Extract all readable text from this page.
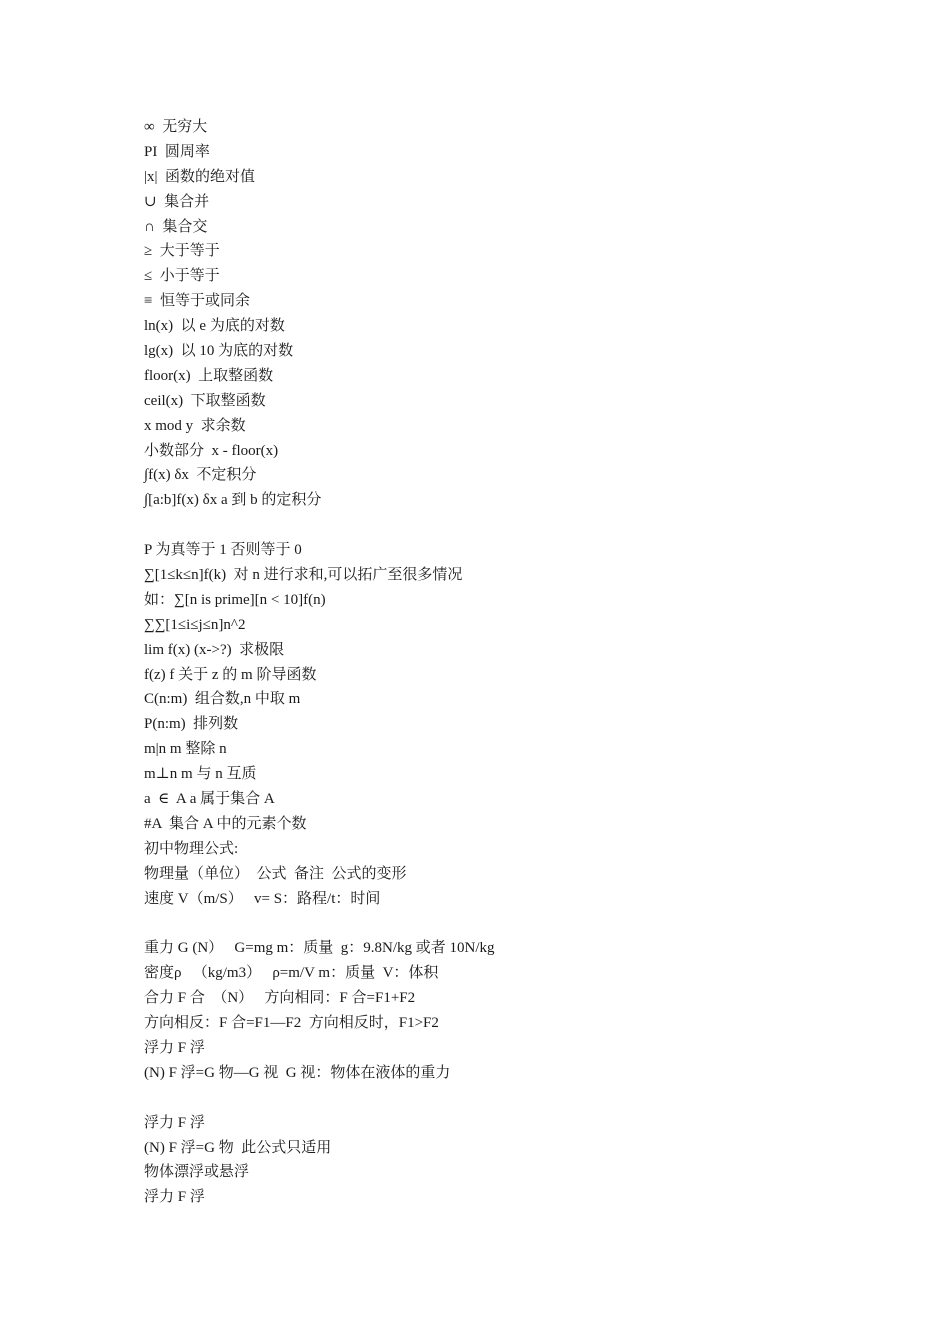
∞  无穷大
PI  圆周率
|x|  函数的绝对值
∪  集合并
∩  集合交
≥  大于等于
≤  小于等于
≡  恒等于或同余
ln(x)  以 e 为底的对数
lg(x)  以 10 为底的对数
floor(x)  上取整函数
ceil(x)  下取整函数
x mod y  求余数
小数部分  x - floor(x)
∫f(x) δx  不定积分
∫[a:b]f(x) δx a 到 b 的定积分
P 为真等于 1 否则等于 0
∑[1≤k≤n]f(k)  对 n 进行求和,可以拓广至很多情况
如：∑[n is prime][n < 10]f(n)
∑∑[1≤i≤j≤n]n^2
lim f(x) (x->?)  求极限
f(z) f 关于 z 的 m 阶导函数
C(n:m)  组合数,n 中取 m
P(n:m)  排列数
m|n m 整除 n
m⊥n m 与 n 互质
a  ∈  A a 属于集合 A
#A  集合 A 中的元素个数
初中物理公式:
物理量（单位）  公式  备注  公式的变形
速度 V（m/S）   v= S：路程/t：时间
重力 G (N）   G=mg m：质量  g：9.8N/kg 或者 10N/kg
密度ρ   （kg/m3）   ρ=m/V m：质量  V：体积
合力 F 合  （N）   方向相同：F 合=F1+F2
方向相反：F 合=F1—F2  方向相反时，F1>F2
浮力 F 浮
(N) F 浮=G 物—G 视  G 视：物体在液体的重力
浮力 F 浮
(N) F 浮=G 物  此公式只适用
物体漂浮或悬浮
浮力 F 浮
